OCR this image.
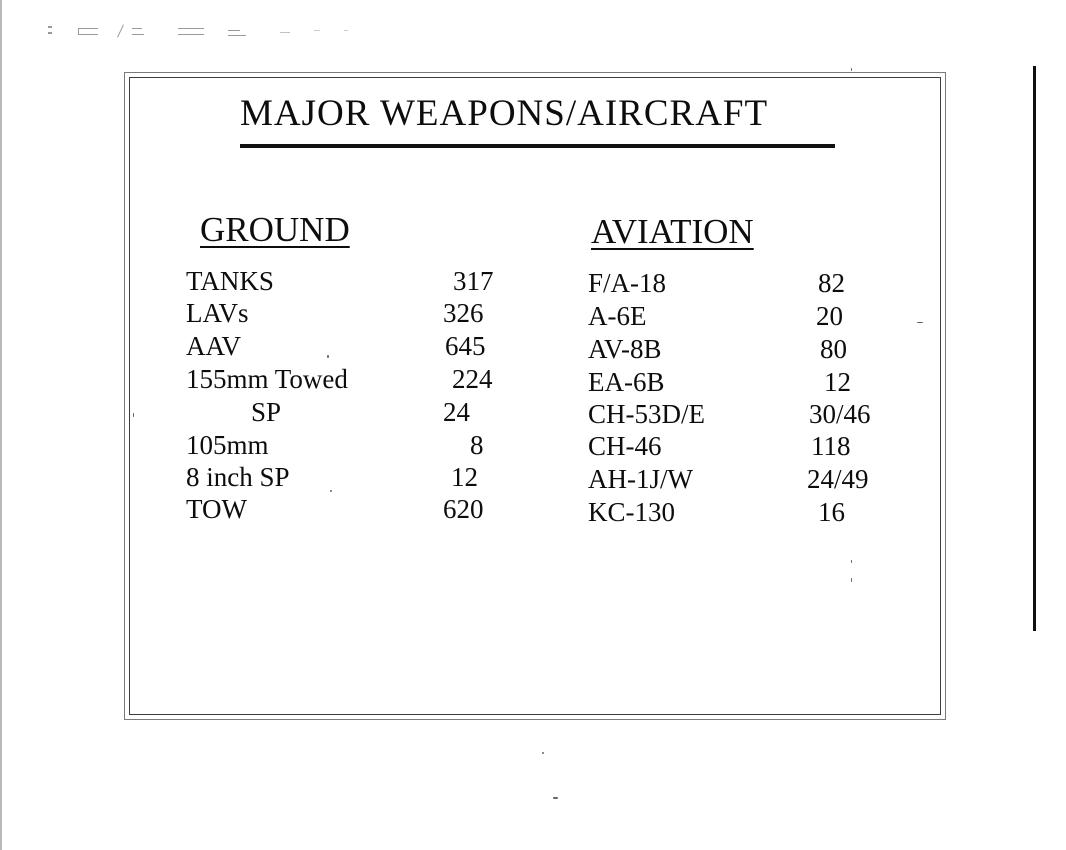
MAJOR WEAPONS/AIRCRAFT
GROUND	AVIATION
TANKS	317
LAVs	326
AAV	645
155mm Towed	224
SP	24
105mm	8
8 inch SP	12
TOW	620
F/A-18	82
A-6E	20
AV-8B	80
EA-6B	12
CH-53D/E	30/46
CH-46	118
AH-1J/W	24/49
KC-130	16
